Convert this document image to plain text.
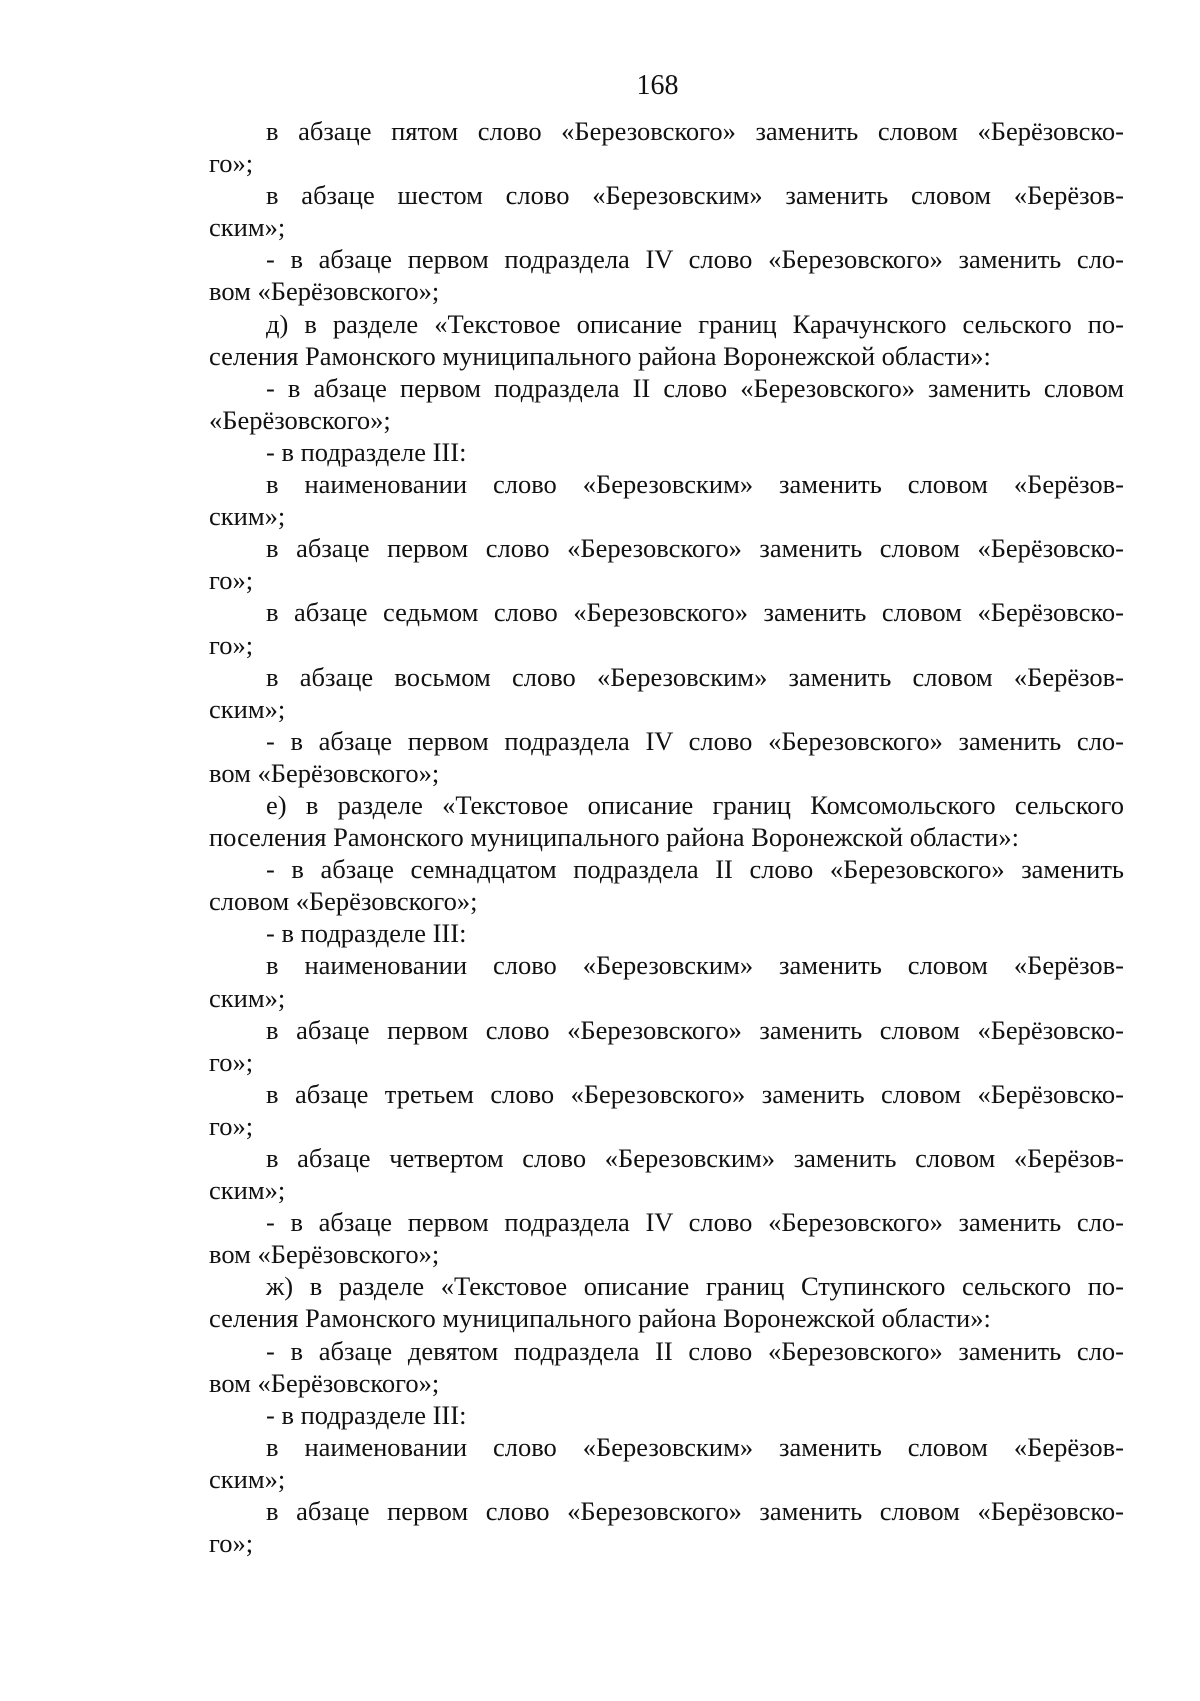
168
в абзаце пятом слово «Березовского» заменить словом «Берёзовско-
го»;
в абзаце шестом слово «Березовским» заменить словом «Берёзов-
ским»;
- в абзаце первом подраздела IV слово «Березовского» заменить сло-
вом «Берёзовского»;
д) в разделе «Текстовое описание границ Карачунского сельского по-
селения Рамонского муниципального района Воронежской области»:
- в абзаце первом подраздела II слово «Березовского» заменить словом
«Берёзовского»;
- в подразделе III:
в наименовании слово «Березовским» заменить словом «Берёзов-
ским»;
в абзаце первом слово «Березовского» заменить словом «Берёзовско-
го»;
в абзаце седьмом слово «Березовского» заменить словом «Берёзовско-
го»;
в абзаце восьмом слово «Березовским» заменить словом «Берёзов-
ским»;
- в абзаце первом подраздела IV слово «Березовского» заменить сло-
вом «Берёзовского»;
е) в разделе «Текстовое описание границ Комсомольского сельского
поселения Рамонского муниципального района Воронежской области»:
- в абзаце семнадцатом подраздела II слово «Березовского» заменить
словом «Берёзовского»;
- в подразделе III:
в наименовании слово «Березовским» заменить словом «Берёзов-
ским»;
в абзаце первом слово «Березовского» заменить словом «Берёзовско-
го»;
в абзаце третьем слово «Березовского» заменить словом «Берёзовско-
го»;
в абзаце четвертом слово «Березовским» заменить словом «Берёзов-
ским»;
- в абзаце первом подраздела IV слово «Березовского» заменить сло-
вом «Берёзовского»;
ж) в разделе «Текстовое описание границ Ступинского сельского по-
селения Рамонского муниципального района Воронежской области»:
- в абзаце девятом подраздела II слово «Березовского» заменить сло-
вом «Берёзовского»;
- в подразделе III:
в наименовании слово «Березовским» заменить словом «Берёзов-
ским»;
в абзаце первом слово «Березовского» заменить словом «Берёзовско-
го»;
